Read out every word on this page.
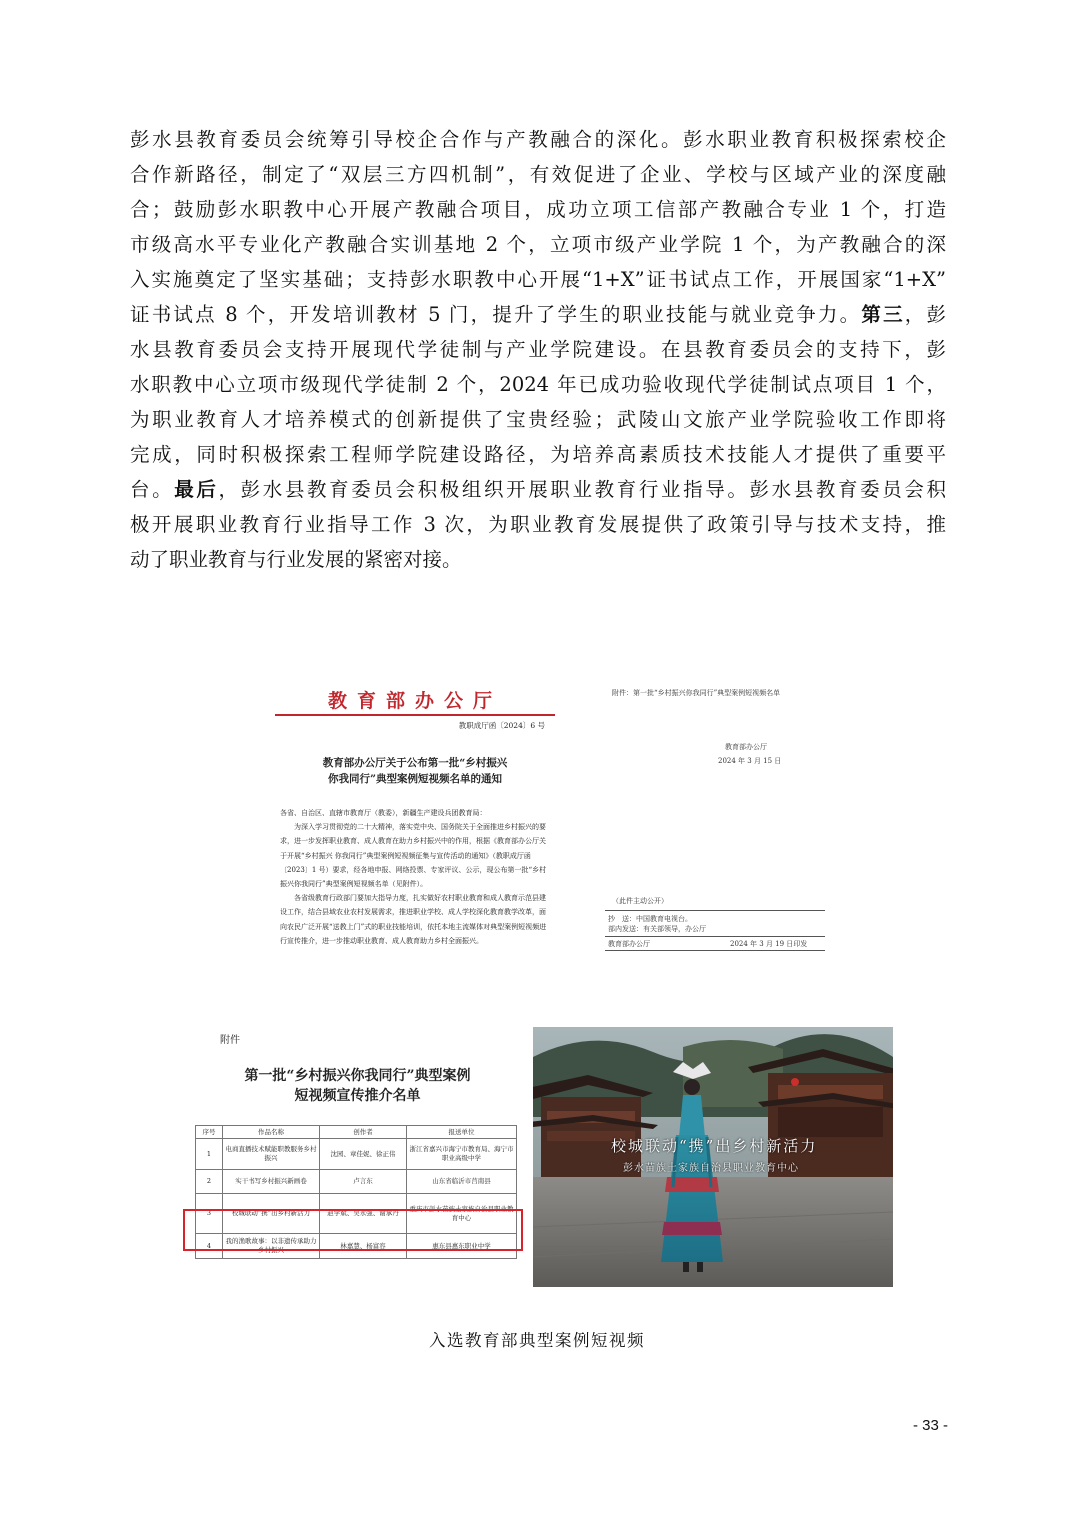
彭水县教育委员会统筹引导校企合作与产教融合的深化。彭水职业教育积极探索校企
合作新路径，制定了“双层三方四机制”，有效促进了企业、学校与区域产业的深度融
合；鼓励彭水职教中心开展产教融合项目，成功立项工信部产教融合专业 1 个，打造
市级高水平专业化产教融合实训基地 2 个，立项市级产业学院 1 个，为产教融合的深
入实施奠定了坚实基础；支持彭水职教中心开展“1+X”证书试点工作，开展国家“1+X”
证书试点 8 个，开发培训教材 5 门，提升了学生的职业技能与就业竞争力。第三，彭
水县教育委员会支持开展现代学徒制与产业学院建设。在县教育委员会的支持下，彭
水职教中心立项市级现代学徒制 2 个，2024 年已成功验收现代学徒制试点项目 1 个，
为职业教育人才培养模式的创新提供了宝贵经验；武陵山文旅产业学院验收工作即将
完成，同时积极探索工程师学院建设路径，为培养高素质技术技能人才提供了重要平
台。最后，彭水县教育委员会积极组织开展职业教育行业指导。彭水县教育委员会积
极开展职业教育行业指导工作 3 次，为职业教育发展提供了政策引导与技术支持，推
动了职业教育与行业发展的紧密对接。
教育部办公厅
教职成厅函〔2024〕6 号
教育部办公厅关于公布第一批“乡村振兴
你我同行”典型案例短视频名单的通知

各省、自治区、直辖市教育厅（教委），新疆生产建设兵团教育局：

为深入学习贯彻党的二十大精神，落实党中央、国务院关于全面推进乡村振兴的要求，进一步发挥职业教育、成人教育在助力乡村振兴中的作用，根据《教育部办公厅关于开展“乡村振兴 你我同行”典型案例短视频征集与宣传活动的通知》（教职成厅函〔2023〕1 号）要求，经各地申报、网络投票、专家评议、公示，现公布第一批“乡村振兴你我同行”典型案例短视频名单（见附件）。

各省级教育行政部门要加大指导力度，扎实做好农村职业教育和成人教育示范县建设工作，结合县域农业农村发展需求，推进职业学校、成人学校深化教育教学改革，面向农民广泛开展“送教上门”式的职业技能培训，依托本地主流媒体对典型案例短视频进行宣传推介，进一步推动职业教育、成人教育助力乡村全面振兴。

附件：第一批“乡村振兴你我同行”典型案例短视频名单
教育部办公厅
2024 年 3 月 15 日
（此件主动公开）
抄　送：中国教育电视台。
部内发送：有关部领导，办公厅
教育部办公厅	2024 年 3 月 19 日印发
附件
第一批“乡村振兴你我同行”典型案例
短视频宣传推介名单
序号	作品名称	创作者	报送单位
1	电商直播技术赋能职教服务乡村振兴	沈园、章佳妮、徐正伟	浙江省嘉兴市海宁市教育局、海宁市职业高级中学
2	实干书写乡村振兴新画卷	卢言东	山东省临沂市莒南县
3	校城联动“携”出乡村新活力	赵学斌、吴永强、谢承丹	重庆市彭水苗族土家族自治县职业教育中心
4	我的渔歌故事：以非遗传承助力乡村振兴	林嘉慧、杨富容	惠东县惠东职业中学
校城联动“携”出乡村新活力
彭水苗族土家族自治县职业教育中心
入选教育部典型案例短视频
- 33 -
